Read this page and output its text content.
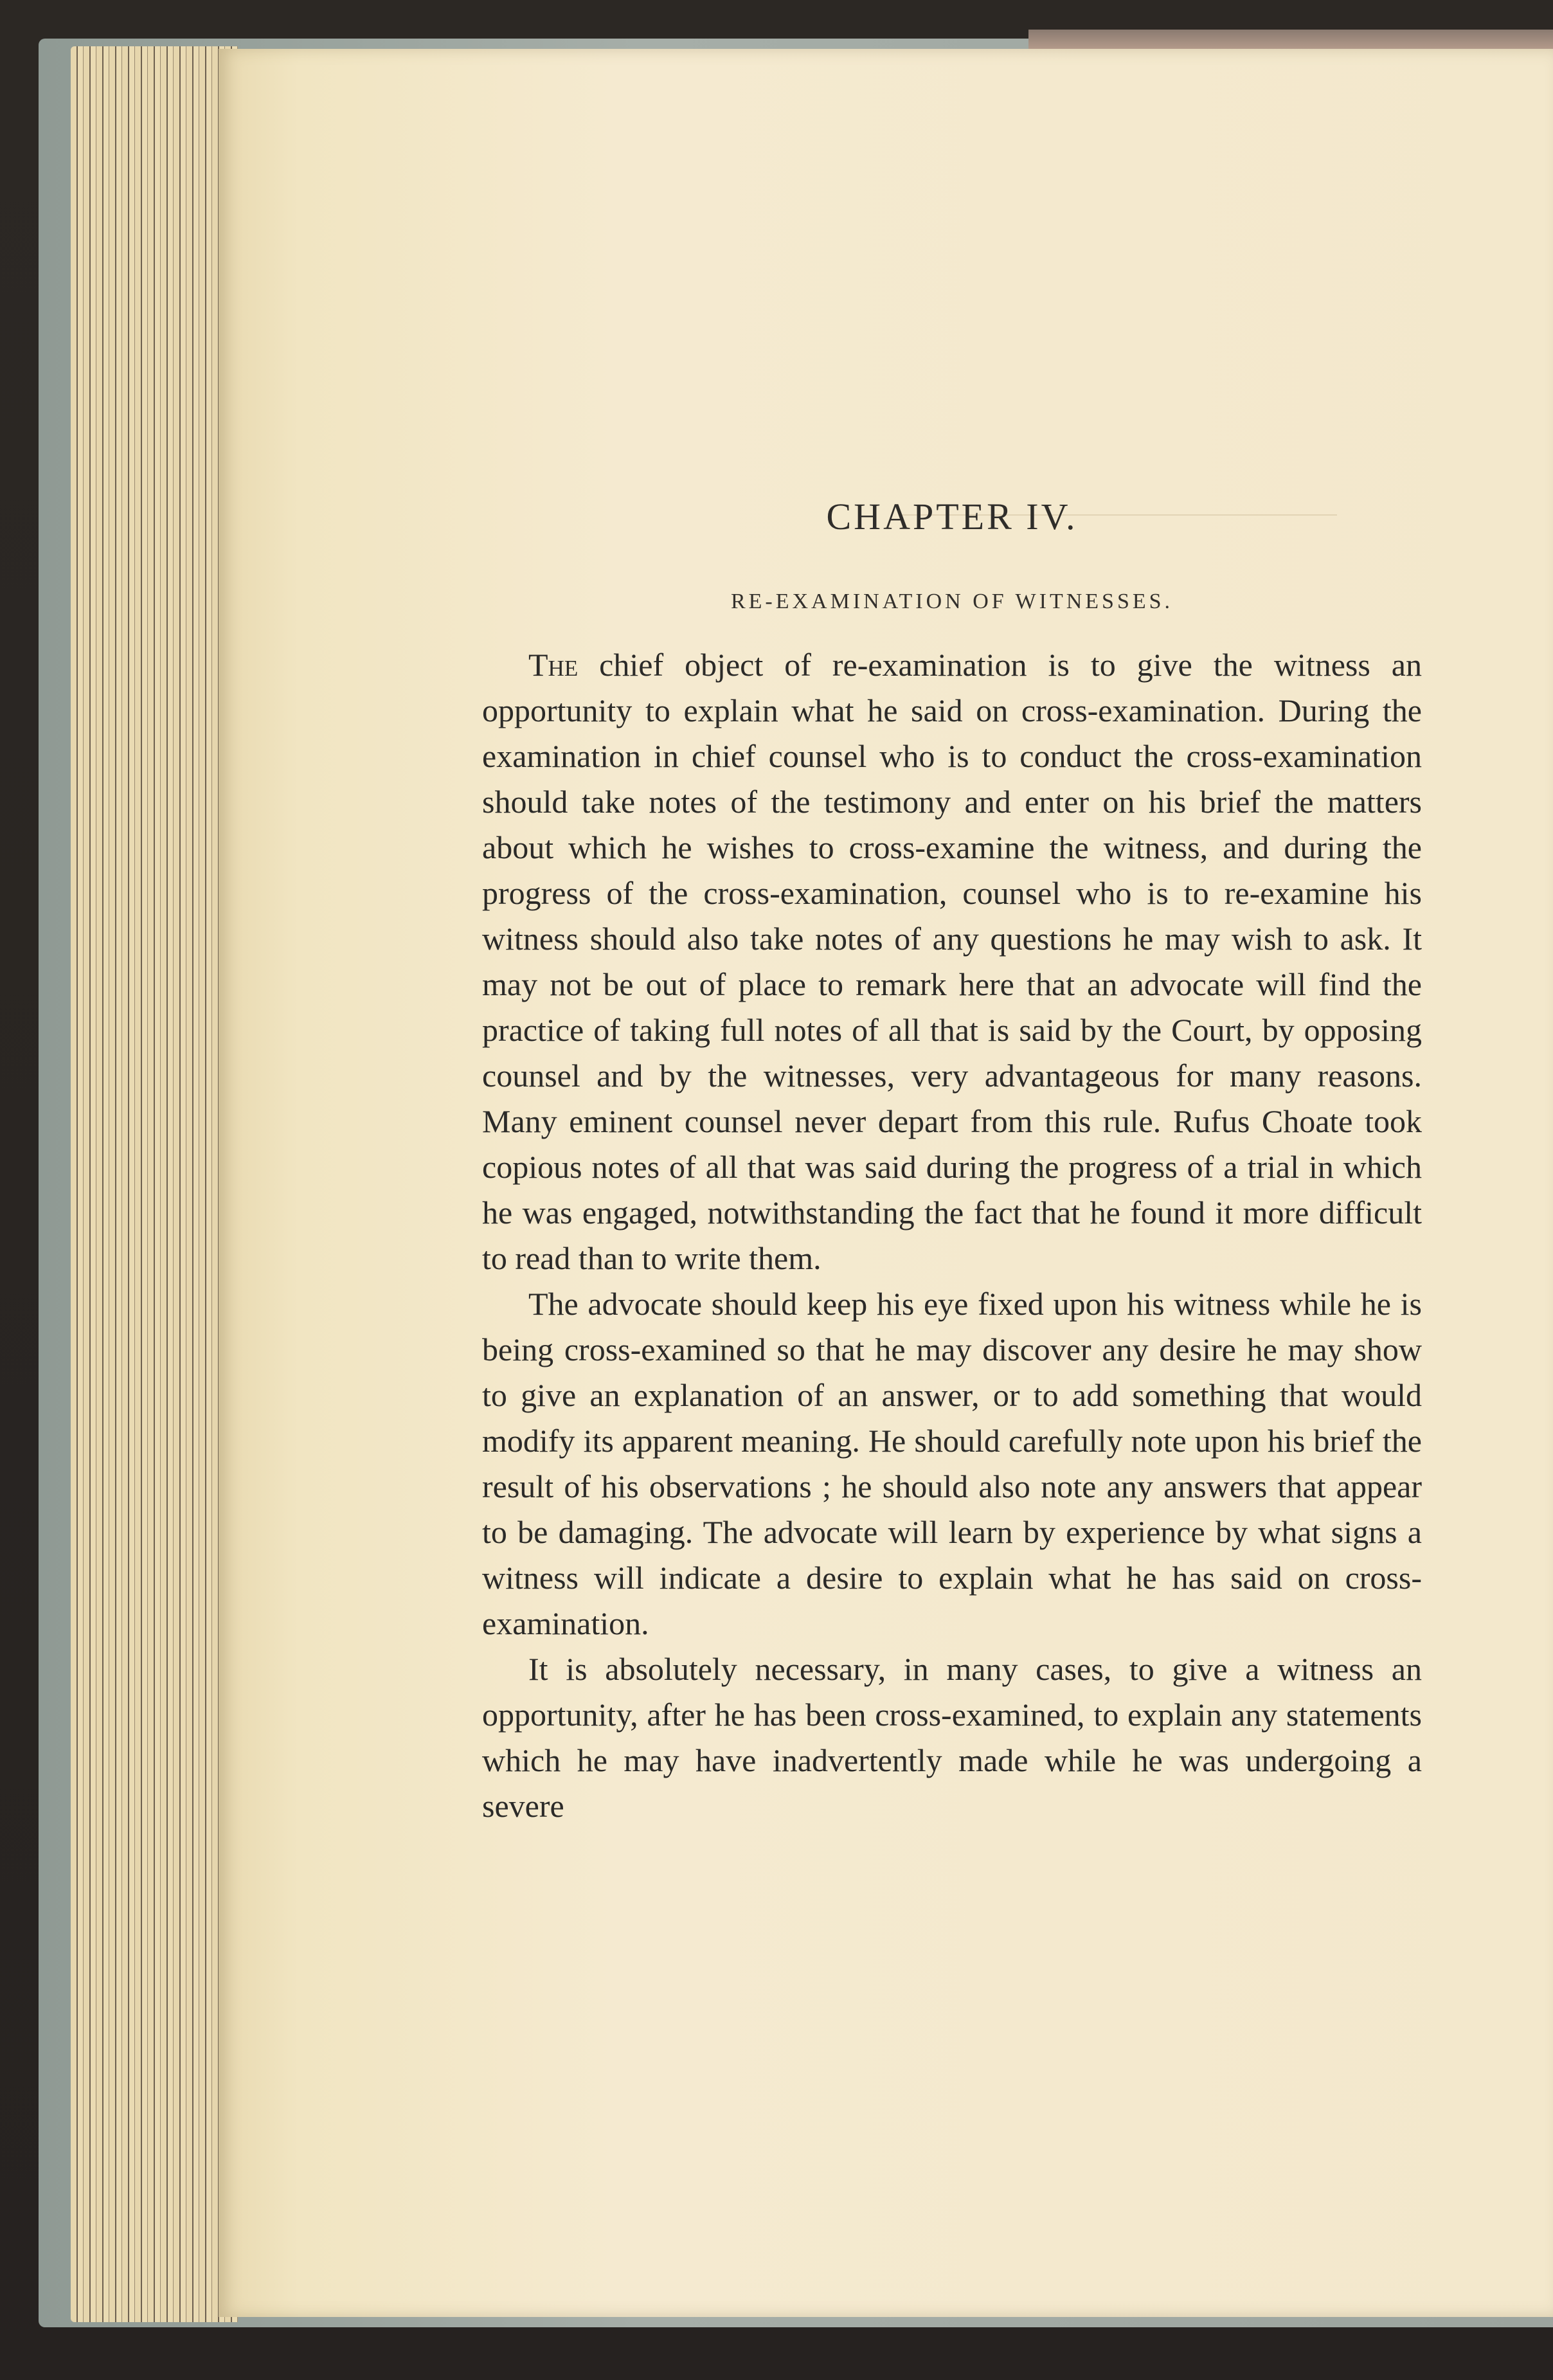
CHAPTER IV.
RE-EXAMINATION OF WITNESSES.

The chief object of re-examination is to give the witness an opportunity to explain what he said on cross-examination. During the examination in chief counsel who is to conduct the cross-examination should take notes of the testimony and enter on his brief the matters about which he wishes to cross-examine the witness, and during the progress of the cross-examination, counsel who is to re-examine his witness should also take notes of any questions he may wish to ask. It may not be out of place to remark here that an advocate will find the practice of taking full notes of all that is said by the Court, by opposing counsel and by the witnesses, very advantageous for many reasons. Many eminent counsel never depart from this rule. Rufus Choate took copious notes of all that was said during the progress of a trial in which he was engaged, notwithstanding the fact that he found it more difficult to read than to write them.

The advocate should keep his eye fixed upon his witness while he is being cross-examined so that he may discover any desire he may show to give an explanation of an answer, or to add something that would modify its apparent meaning. He should carefully note upon his brief the result of his observations ; he should also note any answers that appear to be damaging. The advocate will learn by experience by what signs a witness will indicate a desire to explain what he has said on cross-examination.

It is absolutely necessary, in many cases, to give a witness an opportunity, after he has been cross-examined, to explain any statements which he may have inadvertently made while he was undergoing a severe
